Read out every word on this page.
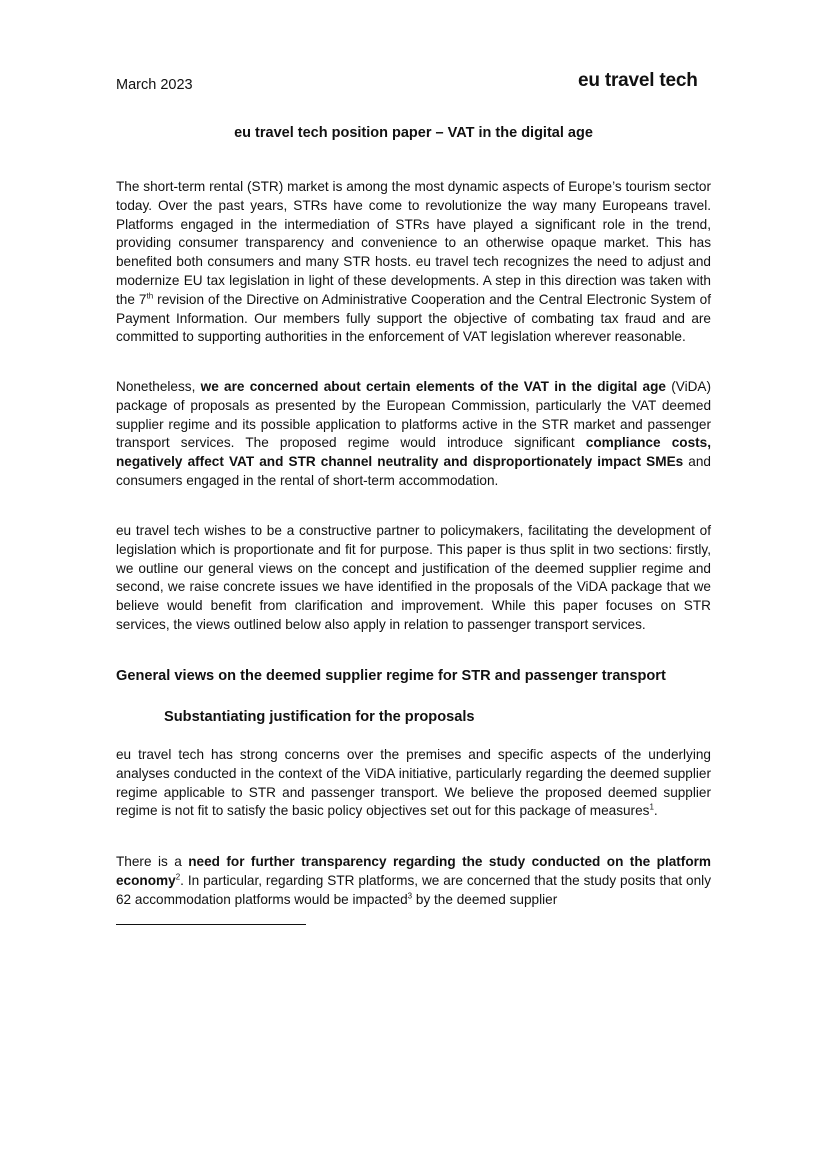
March 2023	eu travel tech
eu travel tech position paper – VAT in the digital age

The short-term rental (STR) market is among the most dynamic aspects of Europe’s tourism sector today. Over the past years, STRs have come to revolutionize the way many Europeans travel. Platforms engaged in the intermediation of STRs have played a significant role in the trend, providing consumer transparency and convenience to an otherwise opaque market. This has benefited both consumers and many STR hosts. eu travel tech recognizes the need to adjust and modernize EU tax legislation in light of these developments. A step in this direction was taken with the 7th revision of the Directive on Administrative Cooperation and the Central Electronic System of Payment Information. Our members fully support the objective of combating tax fraud and are committed to supporting authorities in the enforcement of VAT legislation wherever reasonable.

Nonetheless, we are concerned about certain elements of the VAT in the digital age (ViDA) package of proposals as presented by the European Commission, particularly the VAT deemed supplier regime and its possible application to platforms active in the STR market and passenger transport services. The proposed regime would introduce significant compliance costs, negatively affect VAT and STR channel neutrality and disproportionately impact SMEs and consumers engaged in the rental of short-term accommodation.

eu travel tech wishes to be a constructive partner to policymakers, facilitating the development of legislation which is proportionate and fit for purpose. This paper is thus split in two sections: firstly, we outline our general views on the concept and justification of the deemed supplier regime and second, we raise concrete issues we have identified in the proposals of the ViDA package that we believe would benefit from clarification and improvement. While this paper focuses on STR services, the views outlined below also apply in relation to passenger transport services.

General views on the deemed supplier regime for STR and passenger transport
Substantiating justification for the proposals

eu travel tech has strong concerns over the premises and specific aspects of the underlying analyses conducted in the context of the ViDA initiative, particularly regarding the deemed supplier regime applicable to STR and passenger transport. We believe the proposed deemed supplier regime is not fit to satisfy the basic policy objectives set out for this package of measures$^1$.

There is a need for further transparency regarding the study conducted on the platform economy$^2$. In particular, regarding STR platforms, we are concerned that the study posits that only 62 accommodation platforms would be impacted$^3$ by the deemed supplier
